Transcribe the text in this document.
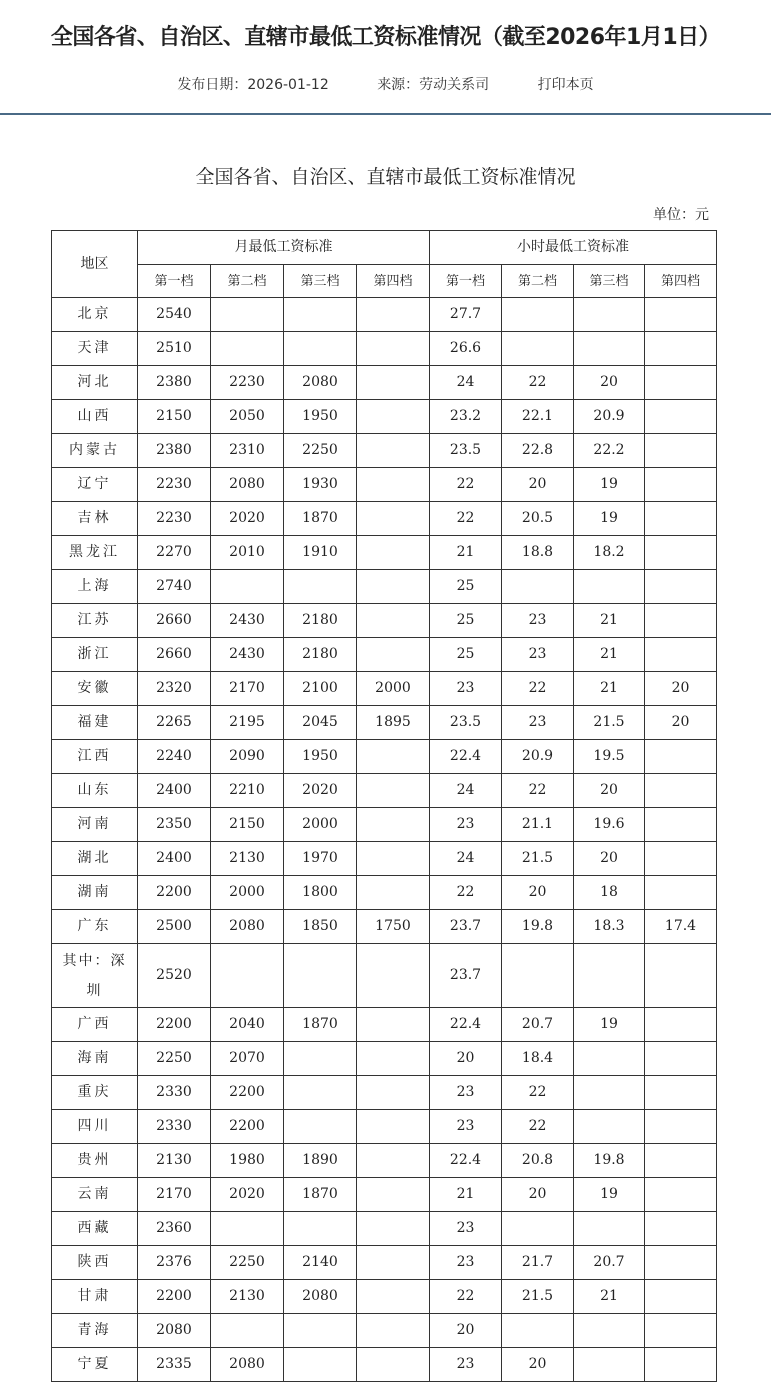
全国各省、自治区、直辖市最低工资标准情况（截至2026年1月1日）
发布日期：2026-01-12	来源：劳动关系司	打印本页
全国各省、自治区、直辖市最低工资标准情况
单位：元
地区	月最低工资标准				小时最低工资标准			
	第一档	第二档	第三档	第四档	第一档	第二档	第三档	第四档
北京	2540				27.7			
天津	2510				26.6			
河北	2380	2230	2080		24	22	20	
山西	2150	2050	1950		23.2	22.1	20.9	
内蒙古	2380	2310	2250		23.5	22.8	22.2	
辽宁	2230	2080	1930		22	20	19	
吉林	2230	2020	1870		22	20.5	19	
黑龙江	2270	2010	1910		21	18.8	18.2	
上海	2740				25			
江苏	2660	2430	2180		25	23	21	
浙江	2660	2430	2180		25	23	21	
安徽	2320	2170	2100	2000	23	22	21	20
福建	2265	2195	2045	1895	23.5	23	21.5	20
江西	2240	2090	1950		22.4	20.9	19.5	
山东	2400	2210	2020		24	22	20	
河南	2350	2150	2000		23	21.1	19.6	
湖北	2400	2130	1970		24	21.5	20	
湖南	2200	2000	1800		22	20	18	
广东	2500	2080	1850	1750	23.7	19.8	18.3	17.4
其中：深圳	2520				23.7			
广西	2200	2040	1870		22.4	20.7	19	
海南	2250	2070			20	18.4		
重庆	2330	2200			23	22		
四川	2330	2200			23	22		
贵州	2130	1980	1890		22.4	20.8	19.8	
云南	2170	2020	1870		21	20	19	
西藏	2360				23			
陕西	2376	2250	2140		23	21.7	20.7	
甘肃	2200	2130	2080		22	21.5	21	
青海	2080				20			
宁夏	2335	2080			23	20		
